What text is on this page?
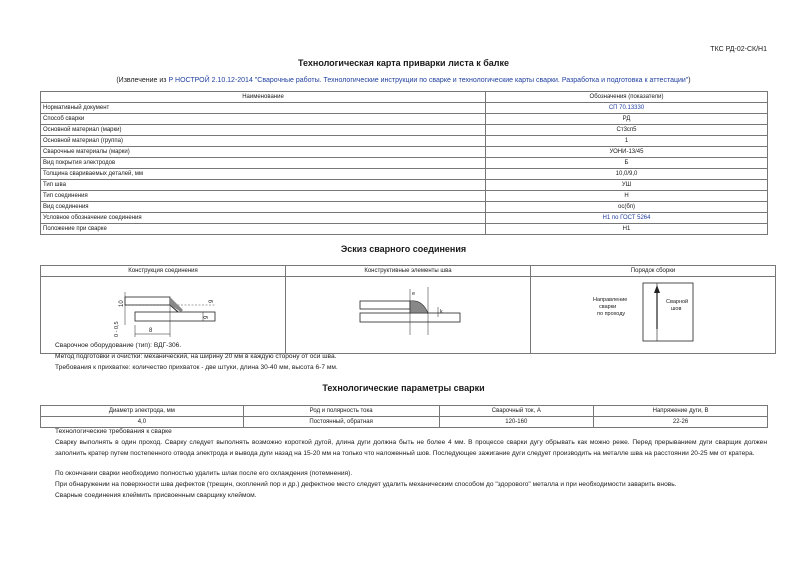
ТКС РД-02-СК/Н1
Технологическая карта приварки листа к балке
(Извлечение из Р НОСТРОЙ 2.10.12-2014 "Сварочные работы. Технологические инструкции по сварке и технологические карты сварки. Разработка и подготовка к аттестации")
Наименование	Обозначения (показатели)
Нормативный документ	СП 70.13330
Способ сварки	РД
Основной материал (марки)	Ст3сп5
Основной материал (группа)	1
Сварочные материалы (марки)	УОНИ-13/45
Вид покрытия электродов	Б
Толщина свариваемых деталей, мм	10,0/9,0
Тип шва	УШ
Тип соединения	Н
Вид соединения	ос(бп)
Условное обозначение соединения	Н1 по ГОСТ 5264
Положение при сварке	Н1
Эскиз сварного соединения
Конструкция соединения	Конструктивные элементы шва	Порядок сборки

10 9
0 - 0,5 8
9	e
k	Направление сварки по проходу
Сварной шов
Сварочное оборудование (тип): ВДГ-306.
Метод подготовки и очистки: механический, на ширину 20 мм в каждую сторону от оси шва.
Требования к прихватке: количество прихваток - две штуки, длина 30-40 мм, высота 6-7 мм.
Технологические параметры сварки
Диаметр электрода, мм	Род и полярность тока	Сварочный ток, А	Напряжение дуги, В
4,0	Постоянный, обратная	120-160	22-26
Технологические требования к сварке
Сварку выполнять в один проход. Сварку следует выполнять возможно короткой дугой, длина дуги должна быть не более 4 мм. В процессе сварки дугу обрывать как можно реже. Перед прерыванием дуги сварщик должен заполнить кратер путем постепенного отвода электрода и вывода дуги назад на 15-20 мм на только что наложенный шов. Последующее зажигание дуги следует производить на металле шва на расстоянии 20-25 мм от кратера.
По окончании сварки необходимо полностью удалить шлак после его охлаждения (потемнения).
При обнаружении на поверхности шва дефектов (трещин, скоплений пор и др.) дефектное место следует удалить механическим способом до "здорового" металла и при необходимости заварить вновь.
Сварные соединения клеймить присвоенным сварщику клеймом.
